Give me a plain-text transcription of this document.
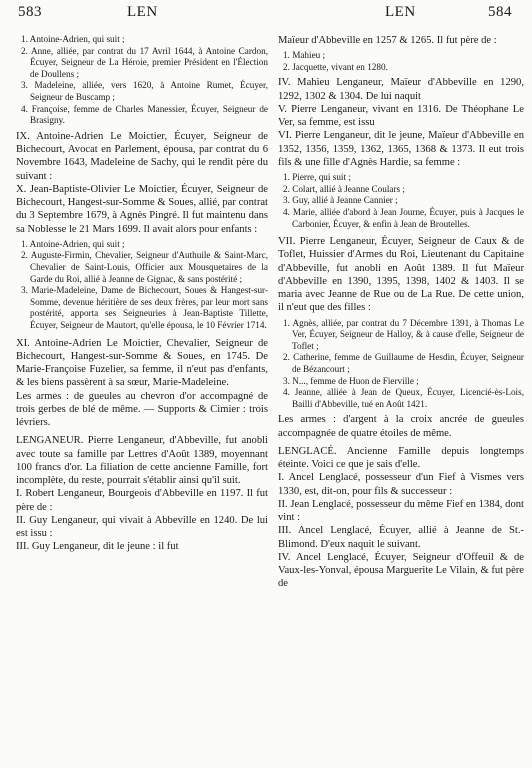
583	LEN	LEN	584
1. Antoine-Adrien, qui suit ;
2. Anne, alliée, par contrat du 17 Avril 1644, à Antoine Cardon, Écuyer, Seigneur de La Héroie, premier Président en l'Élection de Doullens ;
3. Madeleine, alliée, vers 1620, à Antoine Rumet, Écuyer, Seigneur de Buscamp ;
4. Françoise, femme de Charles Manessier, Écuyer, Seigneur de Brasigny.
IX. Antoine-Adrien Le Moictier, Écuyer, Seigneur de Bichecourt, Avocat en Parlement, épousa, par contrat du 6 Novembre 1643, Madeleine de Sachy, qui le rendit père du suivant :
X. Jean-Baptiste-Olivier Le Moictier, Écuyer, Seigneur de Bichecourt, Hangest-sur-Somme & Soues, allié, par contrat du 3 Septembre 1679, à Agnès Pingré. Il fut maintenu dans sa Noblesse le 21 Mars 1699. Il avait alors pour enfants :
1. Antoine-Adrien, qui suit ;
2. Auguste-Firmin, Chevalier, Seigneur d'Authuile & Saint-Marc, Chevalier de Saint-Louis, Officier aux Mousquetaires de la Garde du Roi, allié à Jeanne de Gignac, & sans postérité ;
3. Marie-Madeleine, Dame de Bichecourt, Soues & Hangest-sur-Somme, devenue héritière de ses deux frères, par leur mort sans postérité, apporta ses Seigneuries à Jean-Baptiste Tillette, Écuyer, Seigneur de Mautort, qu'elle épousa, le 10 Février 1714.
XI. Antoine-Adrien Le Moictier, Chevalier, Seigneur de Bichecourt, Hangest-sur-Somme & Soues, en 1745. De Marie-Françoise Fuzelier, sa femme, il n'eut pas d'enfants, & les biens passèrent à sa sœur, Marie-Madeleine.
Les armes : de gueules au chevron d'or accompagné de trois gerbes de blé de même. — Supports & Cimier : trois lévriers.
LENGANEUR. Pierre Lenganeur, d'Abbeville, fut anobli avec toute sa famille par Lettres d'Août 1389, moyennant 100 francs d'or. La filiation de cette ancienne Famille, fort incomplète, du reste, pourrait s'établir ainsi qu'il suit.
I. Robert Lenganeur, Bourgeois d'Abbeville en 1197. Il fut père de :
II. Guy Lenganeur, qui vivait à Abbeville en 1240. De lui est issu :
III. Guy Lenganeur, dit le jeune : il fut
Maïeur d'Abbeville en 1257 & 1265. Il fut père de :
1. Mahieu ;
2. Jacquette, vivant en 1280.
IV. Mahieu Lenganeur, Maïeur d'Abbeville en 1290, 1292, 1302 & 1304. De lui naquit
V. Pierre Lenganeur, vivant en 1316. De Théophane Le Ver, sa femme, est issu
VI. Pierre Lenganeur, dit le jeune, Maïeur d'Abbeville en 1352, 1356, 1359, 1362, 1365, 1368 & 1373. Il eut trois fils & une fille d'Agnès Hardie, sa femme :
1. Pierre, qui suit ;
2. Colart, allié à Jeanne Coulars ;
3. Guy, allié à Jeanne Cannier ;
4. Marie, alliée d'abord à Jean Journe, Écuyer, puis à Jacques le Carbonier, Écuyer, & enfin à Jean de Broutelles.
VII. Pierre Lenganeur, Écuyer, Seigneur de Caux & de Toflet, Huissier d'Armes du Roi, Lieutenant du Capitaine d'Abbeville, fut anobli en Août 1389. Il fut Maïeur d'Abbeville en 1390, 1395, 1398, 1402 & 1403. Il se maria avec Jeanne de Rue ou de La Rue. De cette union, il n'eut que des filles :
1. Agnès, alliée, par contrat du 7 Décembre 1391, à Thomas Le Ver, Écuyer, Seigneur de Halloy, & à cause d'elle, Seigneur de Toflet ;
2. Catherine, femme de Guillaume de Hesdin, Écuyer, Seigneur de Bézancourt ;
3. N..., femme de Huon de Fierville ;
4. Jeanne, alliée à Jean de Queux, Écuyer, Licencié-ès-Lois, Bailli d'Abbeville, tué en Août 1421.
Les armes : d'argent à la croix ancrée de gueules accompagnée de quatre étoiles de même.
LENGLACÉ. Ancienne Famille depuis longtemps éteinte. Voici ce que je sais d'elle.
I. Ancel Lenglacé, possesseur d'un Fief à Vismes vers 1330, est, dit-on, pour fils & successeur :
II. Jean Lenglacé, possesseur du même Fief en 1384, dont vint :
III. Ancel Lenglacé, Écuyer, allié à Jeanne de St.-Blimond. D'eux naquit le suivant.
IV. Ancel Lenglacé, Écuyer, Seigneur d'Offeuil & de Vaux-les-Yonval, épousa Marguerite Le Vilain, & fut père de
